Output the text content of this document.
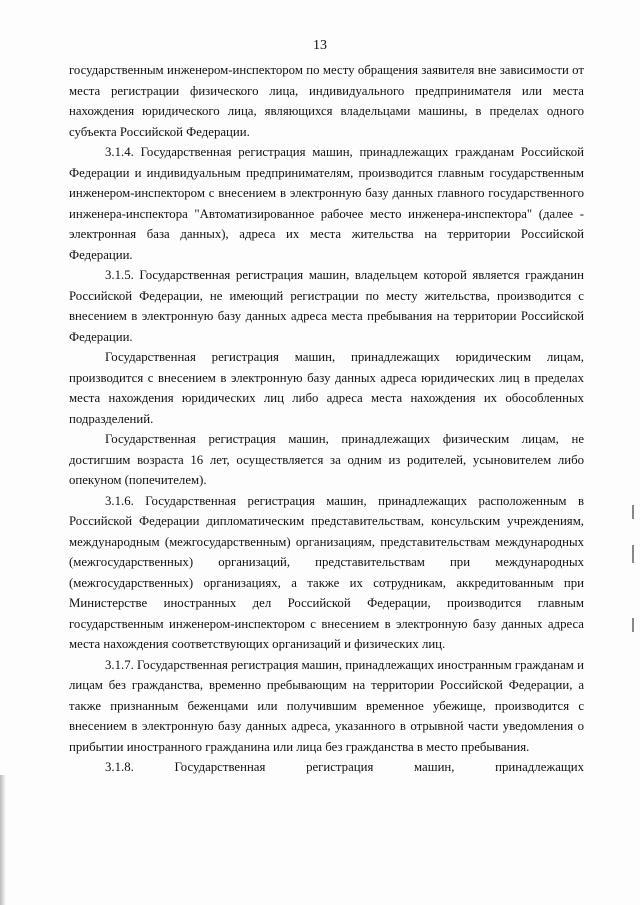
13

государственным инженером-инспектором по месту обращения заявителя вне зависимости от места регистрации физического лица, индивидуального предпринимателя или места нахождения юридического лица, являющихся владельцами машины, в пределах одного субъекта Российской Федерации.

3.1.4. Государственная регистрация машин, принадлежащих гражданам Российской Федерации и индивидуальным предпринимателям, производится главным государственным инженером-инспектором с внесением в электронную базу данных главного государственного инженера-инспектора "Автоматизированное рабочее место инженера-инспектора" (далее - электронная база данных), адреса их места жительства на территории Российской Федерации.

3.1.5. Государственная регистрация машин, владельцем которой является гражданин Российской Федерации, не имеющий регистрации по месту жительства, производится с внесением в электронную базу данных адреса места пребывания на территории Российской Федерации.

Государственная регистрация машин, принадлежащих юридическим лицам, производится с внесением в электронную базу данных адреса юридических лиц в пределах места нахождения юридических лиц либо адреса места нахождения их обособленных подразделений.

Государственная регистрация машин, принадлежащих физическим лицам, не достигшим возраста 16 лет, осуществляется за одним из родителей, усыновителем либо опекуном (попечителем).

3.1.6. Государственная регистрация машин, принадлежащих расположенным в Российской Федерации дипломатическим представительствам, консульским учреждениям, международным (межгосударственным) организациям, представительствам международных (межгосударственных) организаций, представительствам при международных (межгосударственных) организациях, а также их сотрудникам, аккредитованным при Министерстве иностранных дел Российской Федерации, производится главным государственным инженером-инспектором с внесением в электронную базу данных адреса места нахождения соответствующих организаций и физических лиц.

3.1.7. Государственная регистрация машин, принадлежащих иностранным гражданам и лицам без гражданства, временно пребывающим на территории Российской Федерации, а также признанным беженцами или получившим временное убежище, производится с внесением в электронную базу данных адреса, указанного в отрывной части уведомления о прибытии иностранного гражданина или лица без гражданства в место пребывания.

3.1.8. Государственная регистрация машин, принадлежащих
